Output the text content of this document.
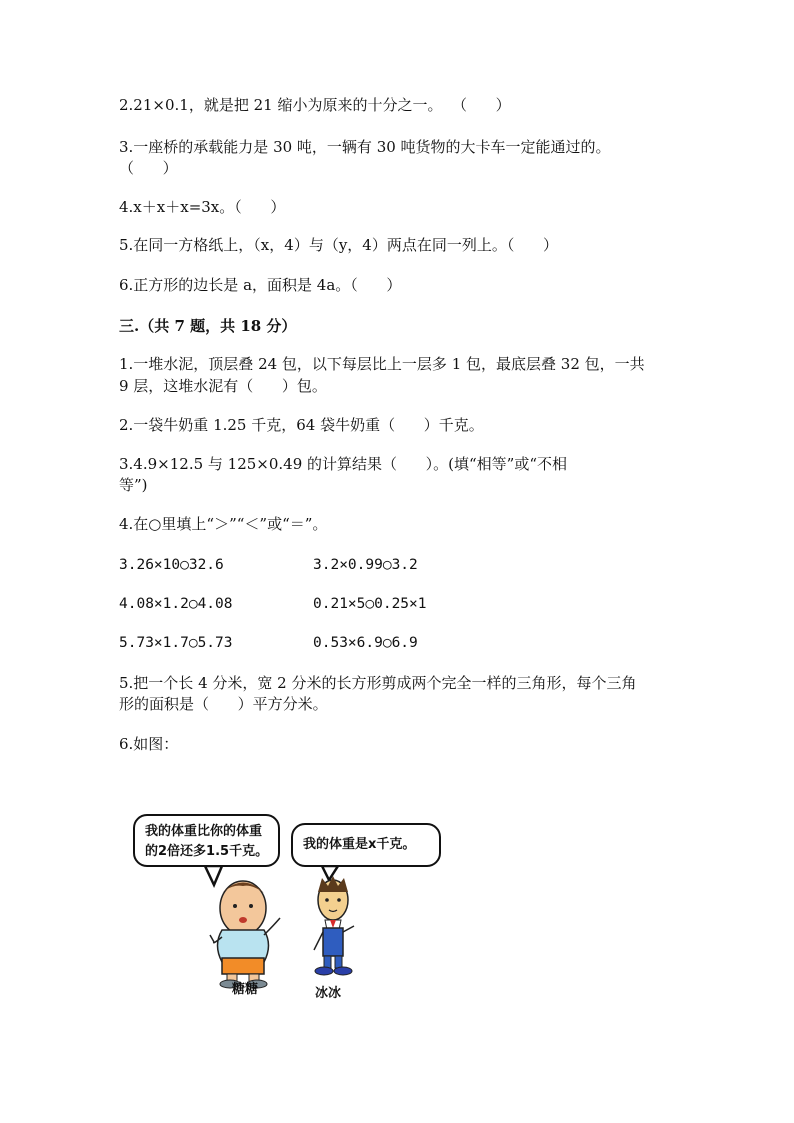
2.21×0.1，就是把 21 缩小为原来的十分之一。  （      ）
3.一座桥的承载能力是 30 吨，一辆有 30 吨货物的大卡车一定能通过的。
（      ）
4.x＋x＋x=3x。（      ）
5.在同一方格纸上，（x，4）与（y，4）两点在同一列上。（      ）
6.正方形的边长是 a，面积是 4a。（      ）
三.（共 7 题，共 18 分）
1.一堆水泥，顶层叠 24 包，以下每层比上一层多 1 包，最底层叠 32 包，一共
9 层，这堆水泥有（      ）包。
2.一袋牛奶重 1.25 千克，64 袋牛奶重（      ）千克。
3.4.9×12.5 与 125×0.49 的计算结果（      ）。(填“相等”或“不相
等”)
4.在○里填上“＞”“＜”或“＝”。
3.26×10○32.6	3.2×0.99○3.2
4.08×1.2○4.08	0.21×5○0.25×1
5.73×1.7○5.73	0.53×6.9○6.9
5.把一个长 4 分米，宽 2 分米的长方形剪成两个完全一样的三角形，每个三角
形的面积是（      ）平方分米。
6.如图：
我的体重比你的体重
的2倍还多1.5千克。	我的体重是x千克。
糖糖	冰冰
